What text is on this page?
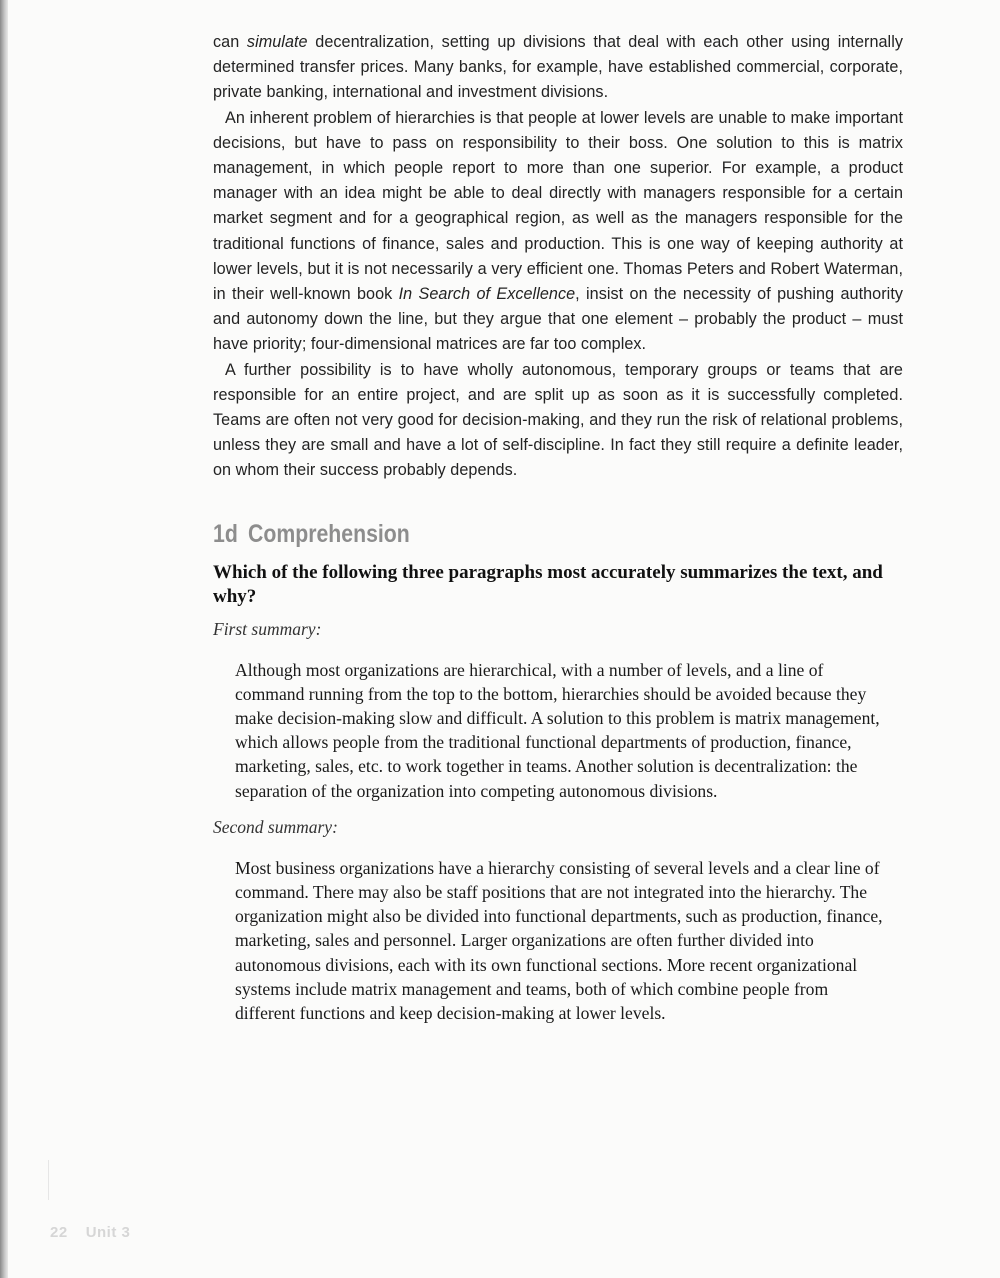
can simulate decentralization, setting up divisions that deal with each other using internally determined transfer prices. Many banks, for example, have established commercial, corporate, private banking, international and investment divisions.

An inherent problem of hierarchies is that people at lower levels are unable to make important decisions, but have to pass on responsibility to their boss. One solution to this is matrix management, in which people report to more than one superior. For example, a product manager with an idea might be able to deal directly with managers responsible for a certain market segment and for a geographical region, as well as the managers responsible for the traditional functions of finance, sales and production. This is one way of keeping authority at lower levels, but it is not necessarily a very efficient one. Thomas Peters and Robert Waterman, in their well-known book In Search of Excellence, insist on the necessity of pushing authority and autonomy down the line, but they argue that one element – probably the product – must have priority; four-dimensional matrices are far too complex.

A further possibility is to have wholly autonomous, temporary groups or teams that are responsible for an entire project, and are split up as soon as it is successfully completed. Teams are often not very good for decision-making, and they run the risk of relational problems, unless they are small and have a lot of self-discipline. In fact they still require a definite leader, on whom their success probably depends.

1d Comprehension

Which of the following three paragraphs most accurately summarizes the text, and why?

First summary:

Although most organizations are hierarchical, with a number of levels, and a line of command running from the top to the bottom, hierarchies should be avoided because they make decision-making slow and difficult. A solution to this problem is matrix management, which allows people from the traditional functional departments of production, finance, marketing, sales, etc. to work together in teams. Another solution is decentralization: the separation of the organization into competing autonomous divisions.

Second summary:

Most business organizations have a hierarchy consisting of several levels and a clear line of command. There may also be staff positions that are not integrated into the hierarchy. The organization might also be divided into functional departments, such as production, finance, marketing, sales and personnel. Larger organizations are often further divided into autonomous divisions, each with its own functional sections. More recent organizational systems include matrix management and teams, both of which combine people from different functions and keep decision-making at lower levels.

22 Unit 3
